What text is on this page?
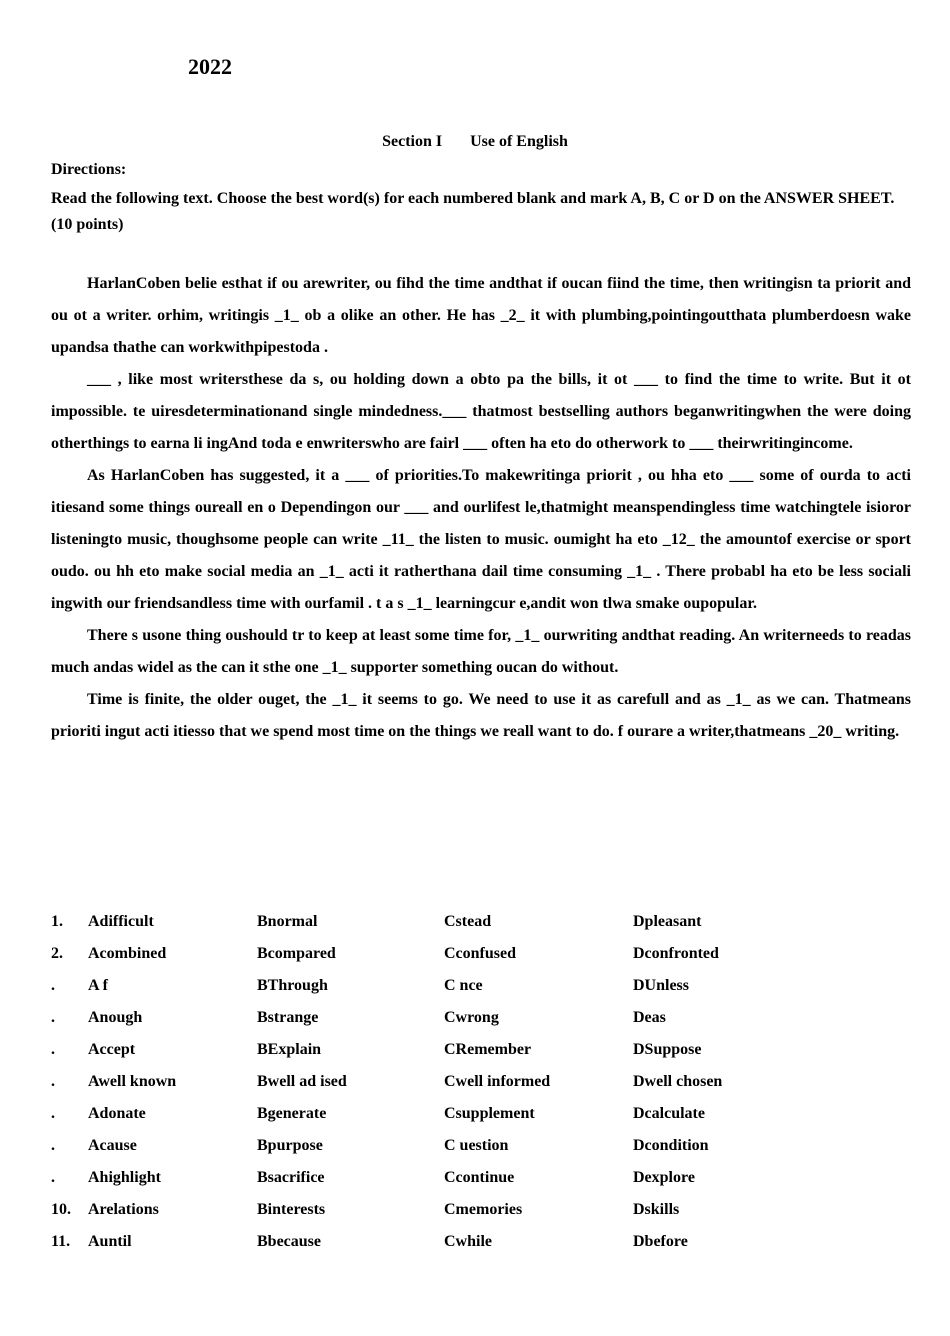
2022
Section I Use of English
Directions:
Read the following text. Choose the best word(s) for each numbered blank and mark A, B, C or D on the ANSWER SHEET. (10 points)

HarlanCoben belie esthat if ou arewriter, ou fihd the time andthat if oucan fiind the time, then writingisn ta priorit and ou ot a writer. orhim, writingis _1_ ob a olike an other. He has _2_ it with plumbing,pointingoutthata plumberdoesn wake upandsa thathe can workwithpipestoda .

___ , like most writersthese da s, ou holding down a obto pa the bills, it ot ___ to find the time to write. But it ot impossible. te uiresdeterminationand single mindedness.___ thatmost bestselling authors beganwritingwhen the were doing otherthings to earna li ingAnd toda e enwriterswho are fairl ___ often ha eto do otherwork to ___ theirwritingincome.

As HarlanCoben has suggested, it a ___ of priorities.To makewritinga priorit , ou hha eto ___ some of ourda to acti itiesand some things oureall en o Dependingon our ___ and ourlifest le,thatmight meanspendingless time watchingtele isioror listeningto music, thoughsome people can write _11_ the listen to music. oumight ha eto _12_ the amountof exercise or sport oudo. ou hh eto make social media an _1_ acti it ratherthana dail time consuming _1_ . There probabl ha eto be less sociali ingwith our friendsandless time with ourfamil . t a s _1_ learningcur e,andit won tlwa smake oupopular.

There s usone thing oushould tr to keep at least some time for, _1_ ourwriting andthat reading. An writerneeds to readas much andas widel as the can it sthe one _1_ supporter something oucan do without.

Time is finite, the older ouget, the _1_ it seems to go. We need to use it as carefull and as _1_ as we can. Thatmeans prioriti ingut acti itiesso that we spend most time on the things we reall want to do. f ourare a writer,thatmeans _20_ writing.

1. Adifficult	Bnormal	Cstead	Dpleasant
2. Acombined	Bcompared	Cconfused	Dconfronted
. A f	BThrough	C nce	DUnless
. Anough	Bstrange	Cwrong	Deas
. Accept	BExplain	CRemember	DSuppose
. Awell known	Bwell ad ised	Cwell informed	Dwell chosen
. Adonate	Bgenerate	Csupplement	Dcalculate
. Acause	Bpurpose	C uestion	Dcondition
. Ahighlight	Bsacrifice	Ccontinue	Dexplore
10. Arelations	Binterests	Cmemories	Dskills
11. Auntil	Bbecause	Cwhile	Dbefore
